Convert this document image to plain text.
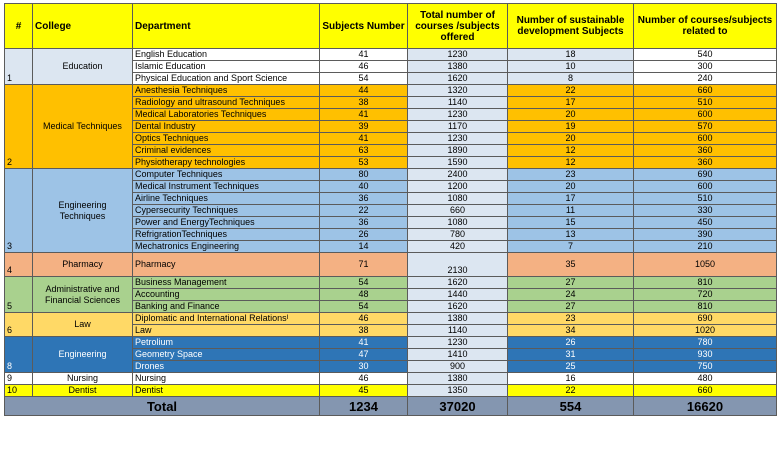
#	College	Department	Subjects Number	Total number of courses /subjects offered	Number of sustainable development Subjects	Number of courses/subjects related to
1	Education	English Education	41	1230	18	540
		Islamic Education	46	1380	10	300
		Physical Education and Sport Science	54	1620	8	240
2	Medical Techniques	Anesthesia Techniques	44	1320	22	660
		Radiology and ultrasound Techniques	38	1140	17	510
		Medical Laboratories Techniques	41	1230	20	600
		Dental Industry	39	1170	19	570
		Optics Techniques	41	1230	20	600
		Criminal evidences	63	1890	12	360
		Physiotherapy technologies	53	1590	12	360
3	Engineering Techniques	Computer Techniques	80	2400	23	690
		Medical Instrument Techniques	40	1200	20	600
		Airline Techniques	36	1080	17	510
		Cypersecurity Techniques	22	660	11	330
		Power and EnergyTechniques	36	1080	15	450
		RefrigrationTechniques	26	780	13	390
		Mechatronics Engineering	14	420	7	210
4	Pharmacy	Pharmacy	71	2130	35	1050
5	Administrative and Financial Sciences	Business Management	54	1620	27	810
		Accounting	48	1440	24	720
		Banking and Finance	54	1620	27	810
6	Law	Diplomatic and International Relationsᴵ	46	1380	23	690
		Law	38	1140	34	1020
8	Engineering	Petrolium	41	1230	26	780
		Geometry Space	47	1410	31	930
		Drones	30	900	25	750
9	Nursing	Nursing	46	1380	16	480
10	Dentist	Dentist	45	1350	22	660
Total			1234	37020	554	16620
